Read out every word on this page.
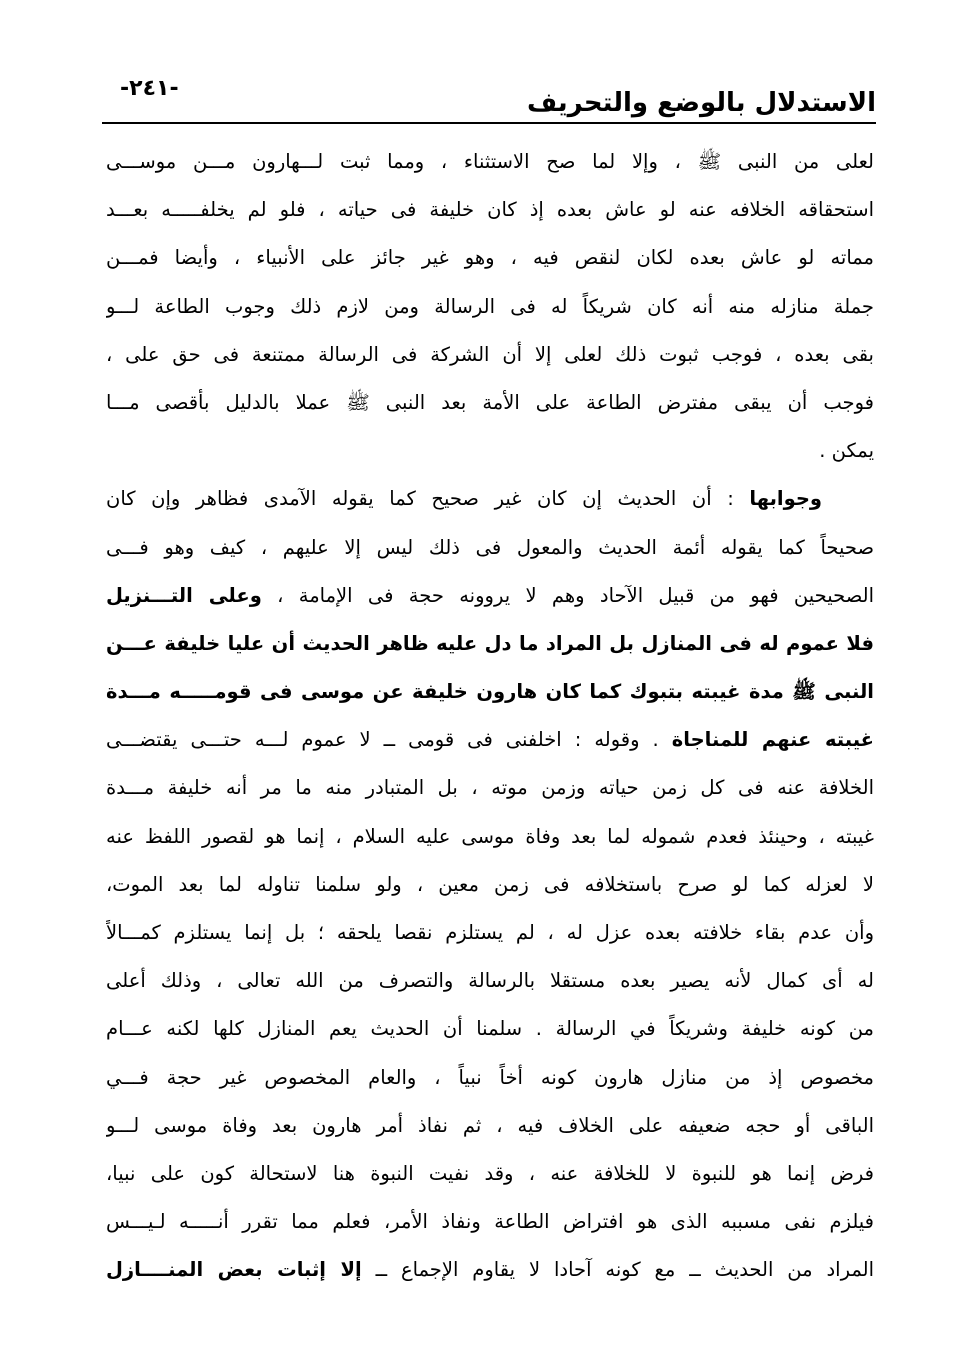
-٢٤١-	الاستدلال بالوضع والتحريف
لعلى من النبى ﷺ ، وإلا لما صح الاستثناء ، ومما ثبت لـــهارون مـــن موســـى
استحقاقه الخلافه عنه لو عاش بعده إذ كان خليفة فى حياته ، فلو لم يخلفـــــه بعـــد
مماته لو عاش بعده لكان لنقص فيه ، وهو غير جائز على الأنبياء ، وأيضا فمـــن
جملة منازله منه أنه كان شريكاً له فى الرسالة ومن لازم ذلك وجوب الطاعة لـــو
بقى بعده ، فوجب ثبوت ذلك لعلى إلا أن الشركة فى الرسالة ممتنعة فى حق على ،
فوجب أن يبقى مفترض الطاعة على الأمة بعد النبى ﷺ عملا بالدليل بأقصى مـــا
يمكن .
وجوابها : أن الحديث إن كان غير صحيح كما يقوله الآمدى فظاهر وإن كان
صحيحاً كما يقوله أئمة الحديث والمعول فى ذلك ليس إلا عليهم ، كيف وهو فـــى
الصحيحين فهو من قبيل الآحاد وهم لا يروونه حجة فى الإمامة ، وعلى التـــنزيل
فلا عموم له فى المنازل بل المراد ما دل عليه ظاهر الحديث أن عليا خليفة عـــن
النبى ﷺ مدة غيبته بتبوك كما كان هارون خليفة عن موسى فى قومـــــه مـــدة
غيبته عنهم للمناجاة . وقوله : اخلفنى فى قومى ــ لا عموم لـــه حتـــى يقتضـــى
الخلافة عنه فى كل زمن حياته وزمن موته ، بل المتبادر منه ما مر أنه خليفة مـــدة
غيبته ، وحينئذ فعدم شموله لما بعد وفاة موسى عليه السلام ، إنما هو لقصور اللفظ عنه
لا لعزله كما لو صرح باستخلافه فى زمن معين ، ولو سلمنا تناوله لما بعد الموت،
وأن عدم بقاء خلافته بعده عزل له ، لم يستلزم نقصا يلحقه ؛ بل إنما يستلزم كمـــالاً
له أى كمال لأنه يصير بعده مستقلا بالرسالة والتصرف من الله تعالى ، وذلك أعلى
من كونه خليفة وشريكاً في الرسالة . سلمنا أن الحديث يعم المنازل كلها لكنه عـــام
مخصوص إذ من منازل هارون كونه أخاً نبياً ، والعام المخصوص غير حجة فـــي
الباقى أو حجه ضعيفه على الخلاف فيه ، ثم نفاذ أمر هارون بعد وفاة موسى لـــو
فرض إنما هو للنبوة لا للخلافة عنه ، وقد نفيت النبوة هنا لاستحالة كون على نبيا،
فيلزم نفى مسببه الذى هو افتراض الطاعة ونفاذ الأمر، فعلم مما تقرر أنـــــه لـيـــس
المراد من الحديث ــ مع كونه آحادا لا يقاوم الإجماع ــ إلا إثبات بعض المنــــازل
